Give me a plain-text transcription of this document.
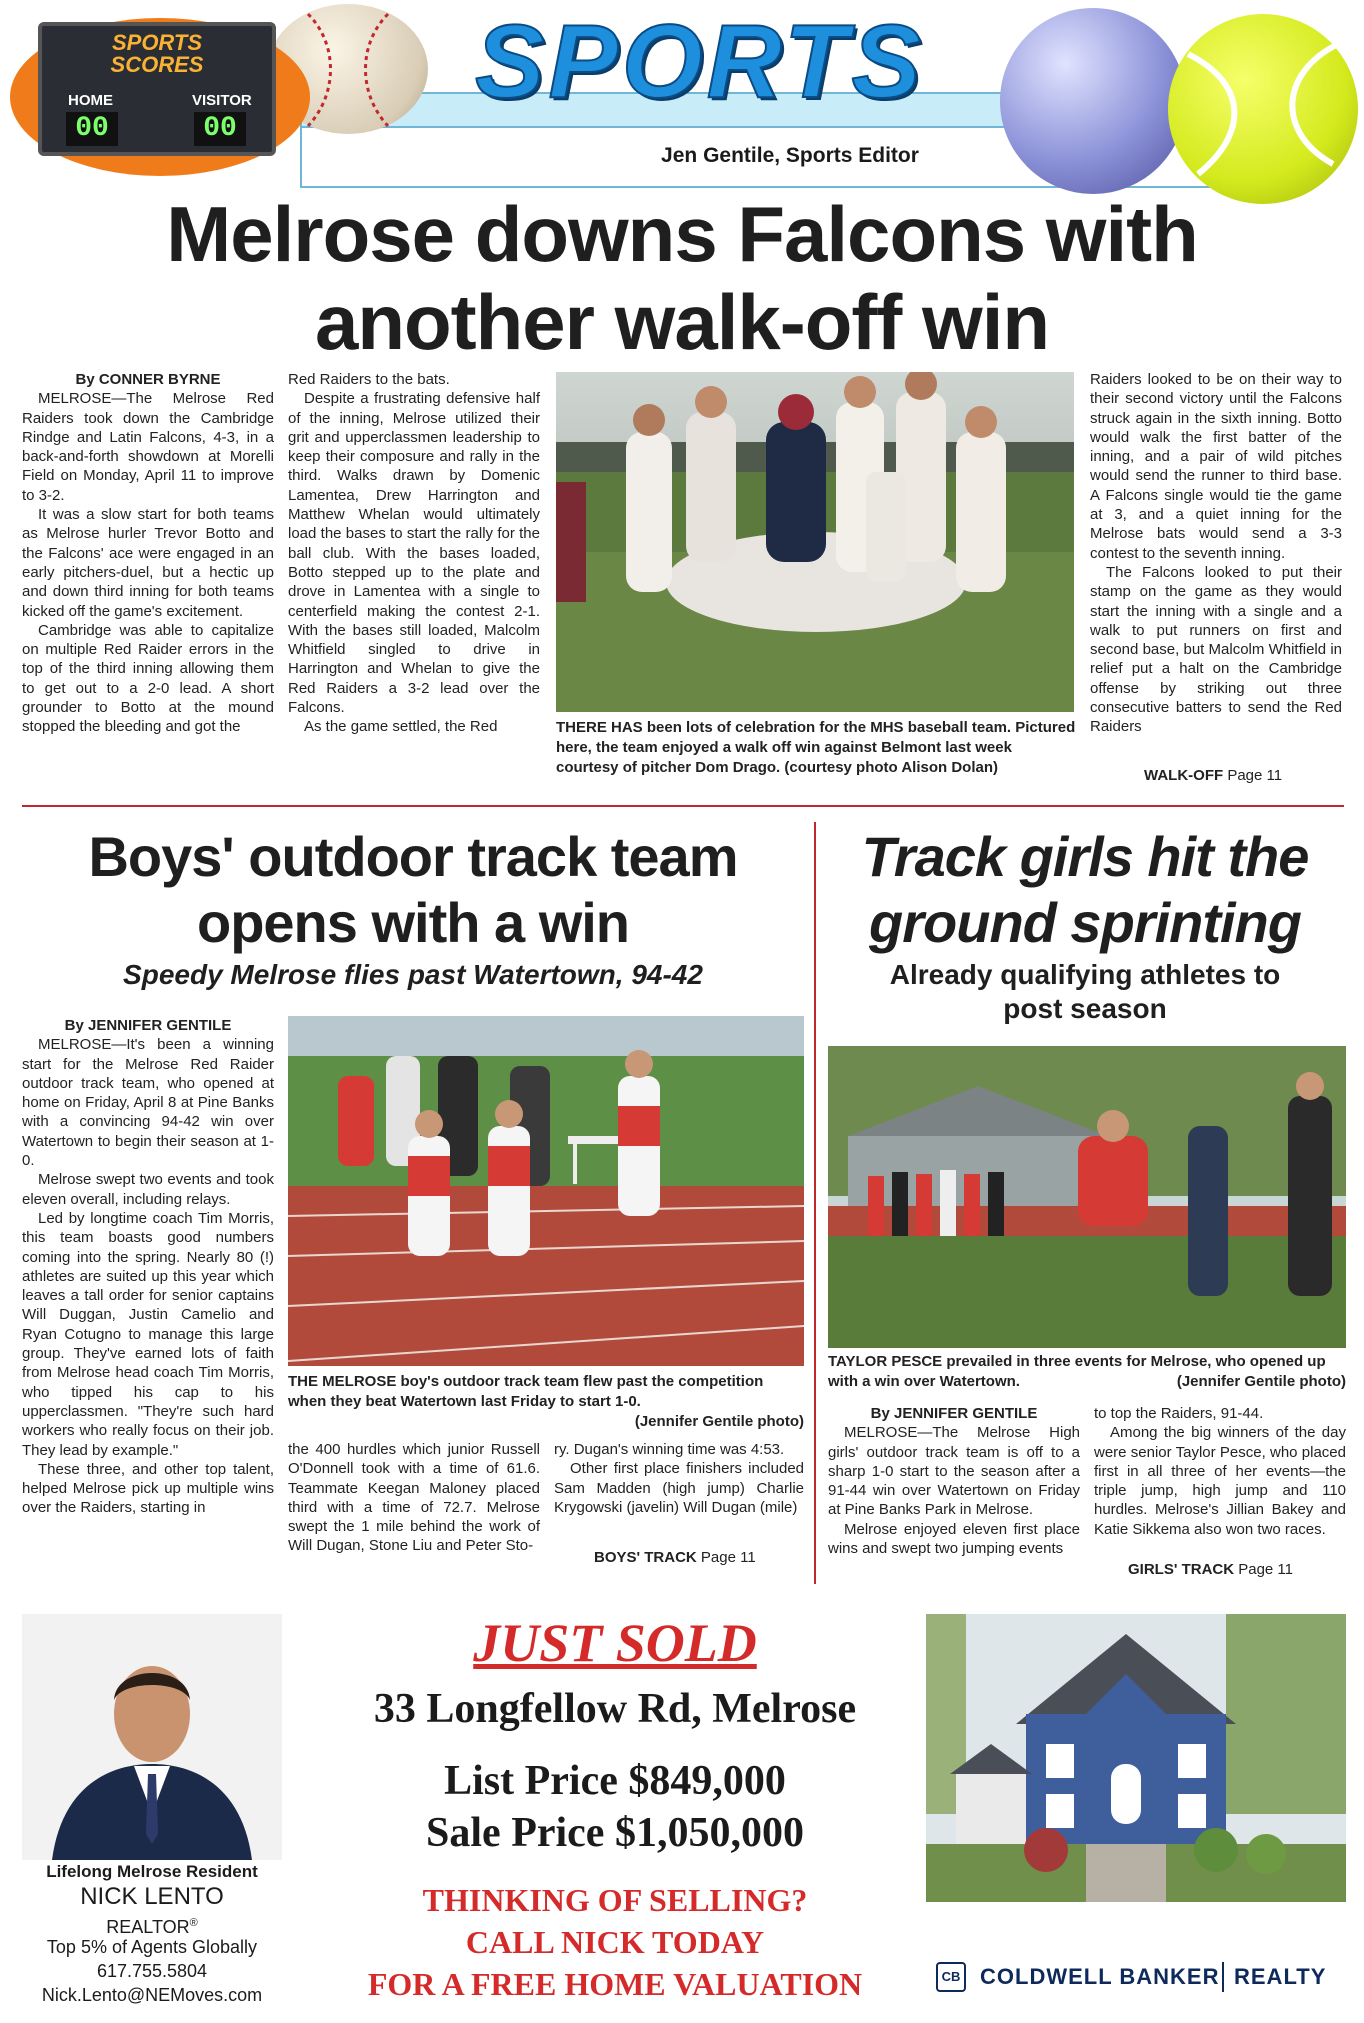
SPORTS
SCORES
HOME	VISITOR
00	00
SPORTS
Jen Gentile, Sports Editor
Melrose downs Falcons with
another walk-off win
By CONNER BYRNE

MELROSE—The Melrose Red Raiders took down the Cambridge Rindge and Latin Falcons, 4-3, in a back-and-forth showdown at Morelli Field on Monday, April 11 to improve to 3-2.

It was a slow start for both teams as Melrose hurler Trevor Botto and the Falcons' ace were engaged in an early pitchers-duel, but a hectic up and down third inning for both teams kicked off the game's excitement.

Cambridge was able to capitalize on multiple Red Raider errors in the top of the third inning allowing them to get out to a 2-0 lead. A short grounder to Botto at the mound stopped the bleeding and got the

Red Raiders to the bats.

Despite a frustrating defensive half of the inning, Melrose utilized their grit and upperclassmen leadership to keep their composure and rally in the third. Walks drawn by Domenic Lamentea, Drew Harrington and Matthew Whelan would ultimately load the bases to start the rally for the ball club. With the bases loaded, Botto stepped up to the plate and drove in Lamentea with a single to centerfield making the contest 2-1. With the bases still loaded, Malcolm Whitfield singled to drive in Harrington and Whelan to give the Red Raiders a 3-2 lead over the Falcons.

As the game settled, the Red	THERE HAS been lots of celebration for the MHS baseball team. Pictured here, the team enjoyed a walk off win against Belmont last week courtesy of pitcher Dom Drago. (courtesy photo Alison Dolan)

Raiders looked to be on their way to their second victory until the Falcons struck again in the sixth inning. Botto would walk the first batter of the inning, and a pair of wild pitches would send the runner to third base. A Falcons single would tie the game at 3, and a quiet inning for the Melrose bats would send a 3-3 contest to the seventh inning.

The Falcons looked to put their stamp on the game as they would start the inning with a single and a walk to put runners on first and second base, but Malcolm Whitfield in relief put a halt on the Cambridge offense by striking out three consecutive batters to send the Red Raiders

WALK-OFF Page 11
Boys' outdoor track team
opens with a win
Speedy Melrose flies past Watertown, 94-42
By JENNIFER GENTILE

MELROSE—It's been a winning start for the Melrose Red Raider outdoor track team, who opened at home on Friday, April 8 at Pine Banks with a convincing 94-42 win over Watertown to begin their season at 1-0.

Melrose swept two events and took eleven overall, including relays.

Led by longtime coach Tim Morris, this team boasts good numbers coming into the spring. Nearly 80 (!) athletes are suited up this year which leaves a tall order for senior captains Will Duggan, Justin Camelio and Ryan Cotugno to manage this large group. They've earned lots of faith from Melrose head coach Tim Morris, who tipped his cap to his upperclassmen. "They're such hard workers who really focus on their job. They lead by example."

These three, and other top talent, helped Melrose pick up multiple wins over the Raiders, starting in

THE MELROSE boy's outdoor track team flew past the competition when they beat Watertown last Friday to start 1-0.
(Jennifer Gentile photo)

the 400 hurdles which junior Russell O'Donnell took with a time of 61.6. Teammate Keegan Maloney placed third with a time of 72.7. Melrose swept the 1 mile behind the work of Will Dugan, Stone Liu and Peter Sto-

ry. Dugan's winning time was 4:53.

Other first place finishers included Sam Madden (high jump) Charlie Krygowski (javelin) Will Dugan (mile)

BOYS' TRACK Page 11
Track girls hit the
ground sprinting
Already qualifying athletes to
post season
TAYLOR PESCE prevailed in three events for Melrose, who opened up with a win over Watertown.	(Jennifer Gentile photo)
By JENNIFER GENTILE

MELROSE—The Melrose High girls' outdoor track team is off to a sharp 1-0 start to the season after a 91-44 win over Watertown on Friday at Pine Banks Park in Melrose.

Melrose enjoyed eleven first place wins and swept two jumping events

to top the Raiders, 91-44.

Among the big winners of the day were senior Taylor Pesce, who placed first in all three of her events—the triple jump, high jump and 110 hurdles. Melrose's Jillian Bakey and Katie Sikkema also won two races.

GIRLS' TRACK Page 11
Lifelong Melrose Resident
NICK LENTO
REALTOR®
Top 5% of Agents Globally
617.755.5804
Nick.Lento@NEMoves.com
JUST SOLD
33 Longfellow Rd, Melrose
List Price $849,000
Sale Price $1,050,000
THINKING OF SELLING?
CALL NICK TODAY
FOR A FREE HOME VALUATION	CB COLDWELL BANKER REALTY
